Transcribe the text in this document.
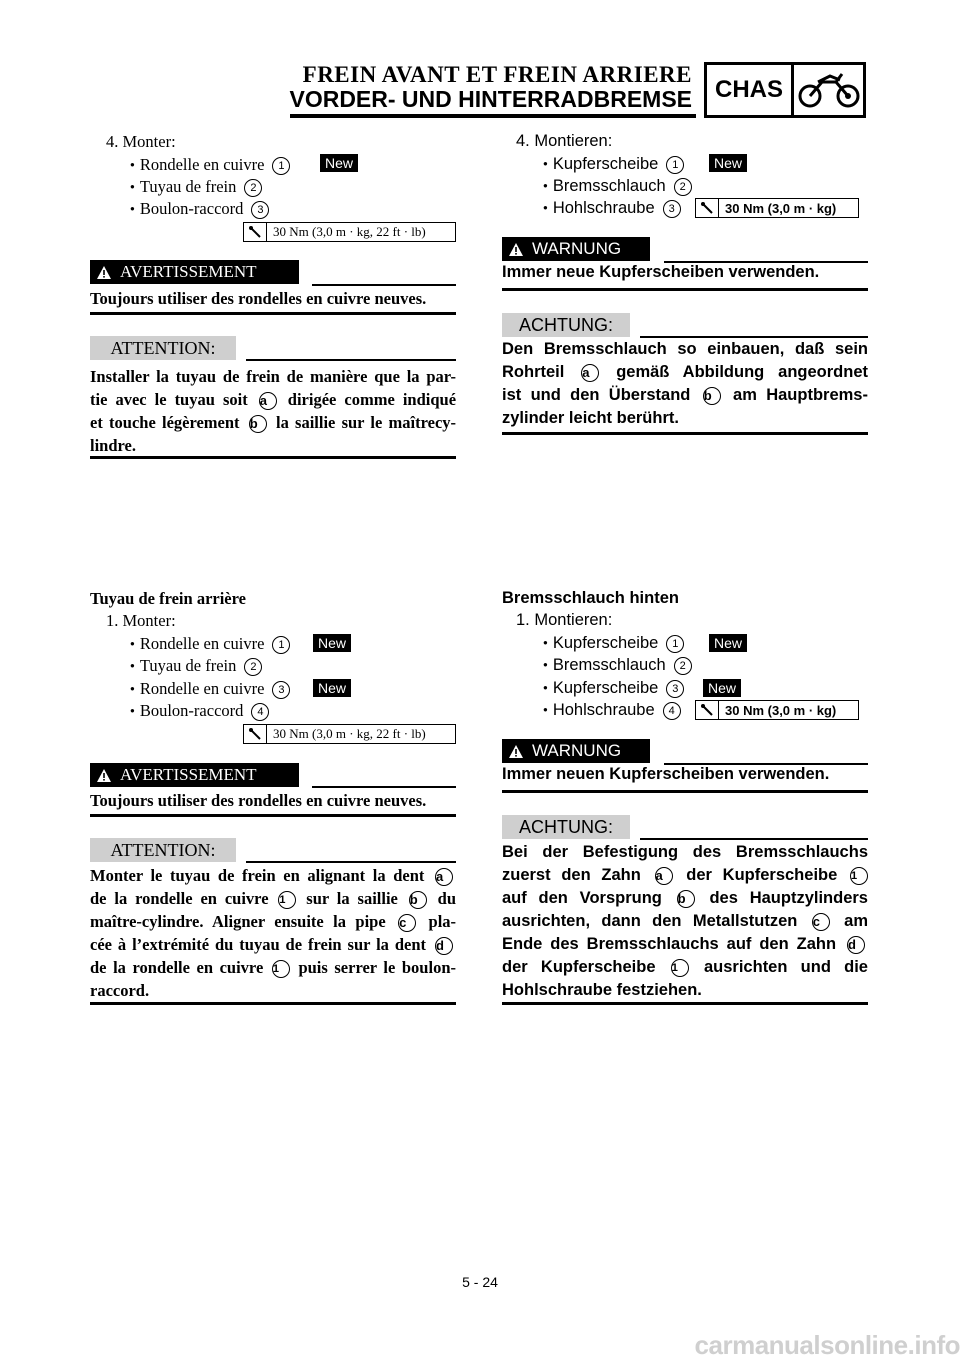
FREIN AVANT ET FREIN ARRIERE
VORDER- UND HINTERRADBREMSE CHAS
4. Monter:
● Rondelle en cuivre 1	New
● Tuyau de frein 2
● Boulon-raccord 3
30 Nm (3,0 m · kg, 22 ft · lb)
AVERTISSEMENT
Toujours utiliser des rondelles en cuivre neuves.
ATTENTION:
Installer la tuyau de frein de manière que la par-
tie avec le tuyau soit a dirigée comme indiqué
et touche légèrement b la saillie sur le maîtrecy-
lindre.
4. Montieren:
● Kupferscheibe 1	New
● Bremsschlauch 2
● Hohlschraube 3	30 Nm (3,0 m · kg)
WARNUNG
Immer neue Kupferscheiben verwenden.
ACHTUNG:
Den Bremsschlauch so einbauen, daß sein
Rohrteil a gemäß Abbildung angeordnet
ist und den Überstand b am Hauptbrems-
zylinder leicht berührt.
Tuyau de frein arrière
1. Monter:
● Rondelle en cuivre 1	New
● Tuyau de frein 2
● Rondelle en cuivre 3	New
● Boulon-raccord 4
30 Nm (3,0 m · kg, 22 ft · lb)
AVERTISSEMENT
Toujours utiliser des rondelles en cuivre neuves.
ATTENTION:
Monter le tuyau de frein en alignant la dent a
de la rondelle en cuivre 1 sur la saillie b du
maître-cylindre. Aligner ensuite la pipe c pla-
cée à l’extrémité du tuyau de frein sur la dent d
de la rondelle en cuivre 1 puis serrer le boulon-
raccord.
Bremsschlauch hinten
1. Montieren:
● Kupferscheibe 1	New
● Bremsschlauch 2
● Kupferscheibe 3	New
● Hohlschraube 4	30 Nm (3,0 m · kg)
WARNUNG
Immer neuen Kupferscheiben verwenden.
ACHTUNG:
Bei der Befestigung des Bremsschlauchs
zuerst den Zahn a der Kupferscheibe 1
auf den Vorsprung b des Hauptzylinders
ausrichten, dann den Metallstutzen c am
Ende des Bremsschlauchs auf den Zahn d
der Kupferscheibe 1 ausrichten und die
Hohlschraube festziehen.
5 - 24
carmanualsonline.info
